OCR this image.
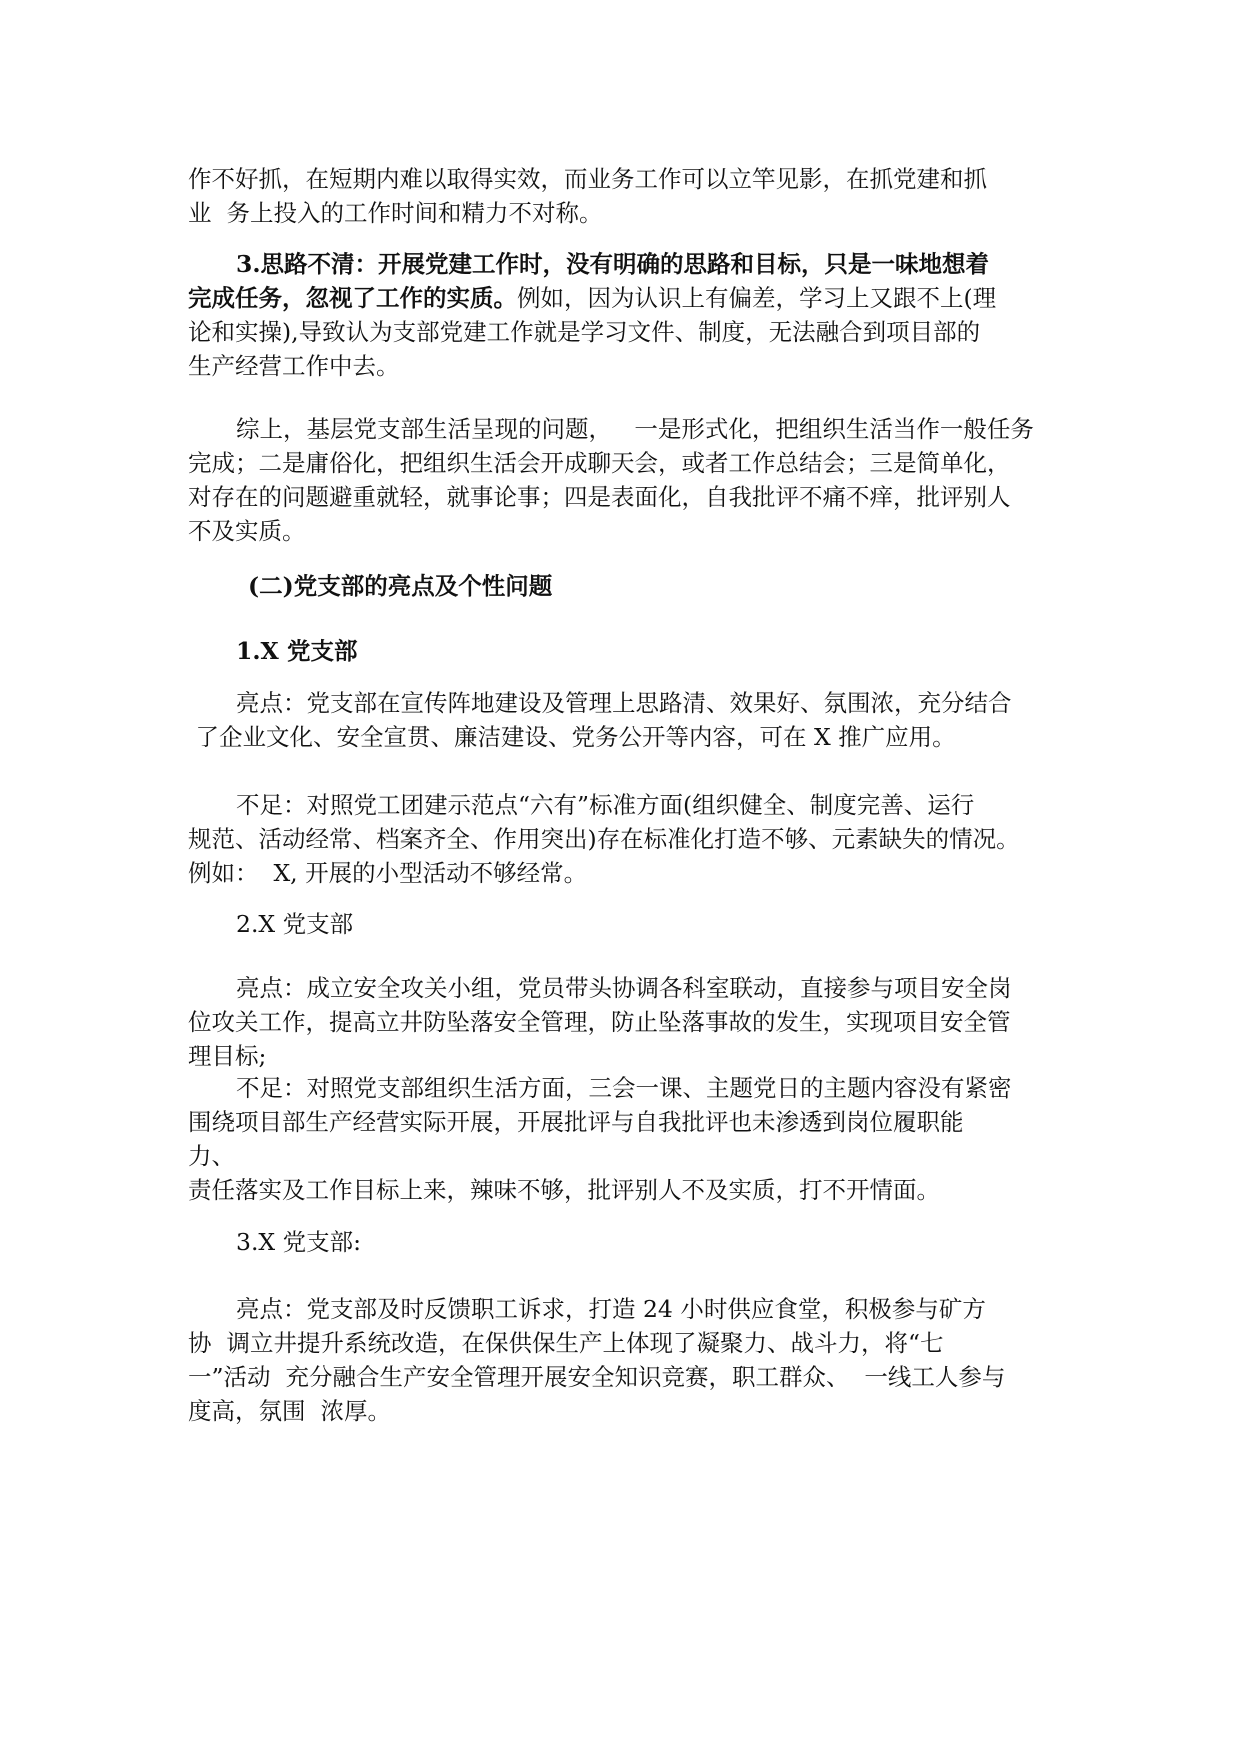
作不好抓，在短期内难以取得实效，而业务工作可以立竿见影，在抓党建和抓
业  务上投入的工作时间和精力不对称。
3.思路不清：开展党建工作时，没有明确的思路和目标，只是一味地想着
完成任务，忽视了工作的实质。例如，因为认识上有偏差，学习上又跟不上(理
论和实操),导致认为支部党建工作就是学习文件、制度，无法融合到项目部的
生产经营工作中去。
综上，基层党支部生活呈现的问题，   一是形式化，把组织生活当作一般任务
完成；二是庸俗化，把组织生活会开成聊天会，或者工作总结会；三是简单化，
对存在的问题避重就轻，就事论事；四是表面化，自我批评不痛不痒，批评别人
不及实质。
(二)党支部的亮点及个性问题
1.X 党支部
亮点：党支部在宣传阵地建设及管理上思路清、效果好、氛围浓，充分结合
了企业文化、安全宣贯、廉洁建设、党务公开等内容，可在 X 推广应用。
不足：对照党工团建示范点“六有”标准方面(组织健全、制度完善、运行
规范、活动经常、档案齐全、作用突出)存在标准化打造不够、元素缺失的情况。
例如：  X, 开展的小型活动不够经常。
2.X 党支部
亮点：成立安全攻关小组，党员带头协调各科室联动，直接参与项目安全岗
位攻关工作，提高立井防坠落安全管理，防止坠落事故的发生，实现项目安全管
理目标;
不足：对照党支部组织生活方面，三会一课、主题党日的主题内容没有紧密
围绕项目部生产经营实际开展，开展批评与自我批评也未渗透到岗位履职能
力、
责任落实及工作目标上来，辣味不够，批评别人不及实质，打不开情面。
3.X 党支部:
亮点：党支部及时反馈职工诉求，打造 24 小时供应食堂，积极参与矿方
协  调立井提升系统改造，在保供保生产上体现了凝聚力、战斗力，将“七
一”活动  充分融合生产安全管理开展安全知识竞赛，职工群众、  一线工人参与
度高，氛围  浓厚。
